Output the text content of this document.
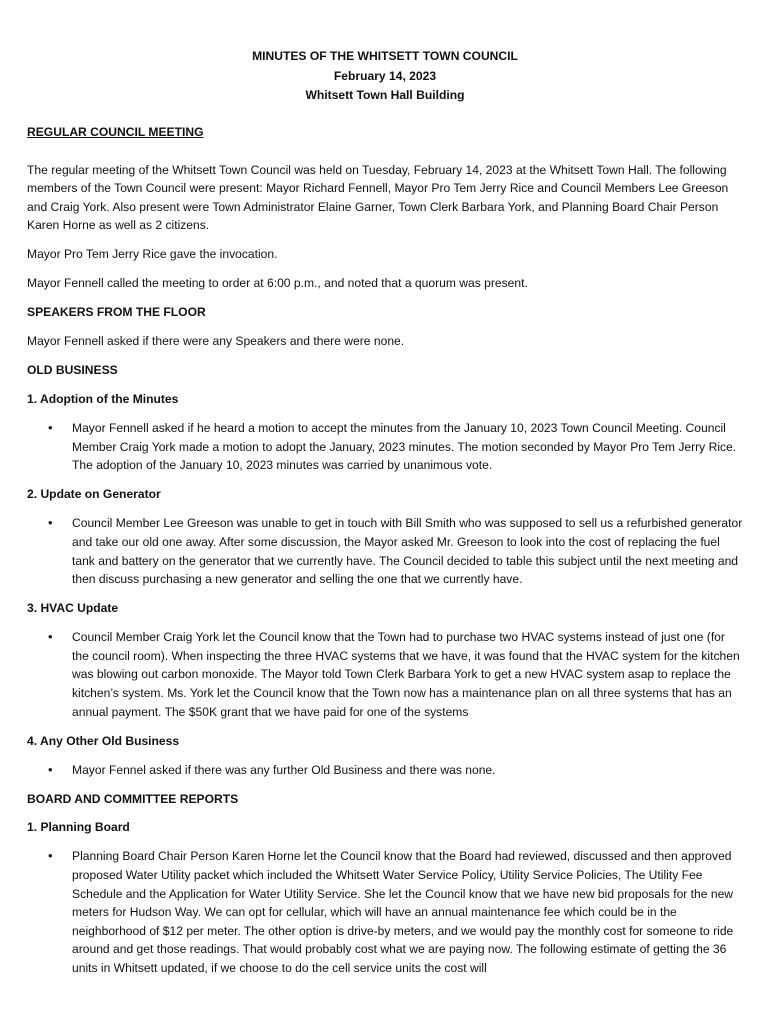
MINUTES OF THE WHITSETT TOWN COUNCIL
February 14, 2023
Whitsett Town Hall Building

REGULAR COUNCIL MEETING

The regular meeting of the Whitsett Town Council was held on Tuesday, February 14, 2023 at the Whitsett Town Hall. The following members of the Town Council were present: Mayor Richard Fennell, Mayor Pro Tem Jerry Rice and Council Members Lee Greeson and Craig York. Also present were Town Administrator Elaine Garner, Town Clerk Barbara York, and Planning Board Chair Person Karen Horne as well as 2 citizens.

Mayor Pro Tem Jerry Rice gave the invocation.

Mayor Fennell called the meeting to order at 6:00 p.m., and noted that a quorum was present.

SPEAKERS FROM THE FLOOR

Mayor Fennell asked if there were any Speakers and there were none.

OLD BUSINESS

1. Adoption of the Minutes

• Mayor Fennell asked if he heard a motion to accept the minutes from the January 10, 2023 Town Council Meeting. Council Member Craig York made a motion to adopt the January, 2023 minutes. The motion seconded by Mayor Pro Tem Jerry Rice. The adoption of the January 10, 2023 minutes was carried by unanimous vote.

2. Update on Generator

• Council Member Lee Greeson was unable to get in touch with Bill Smith who was supposed to sell us a refurbished generator and take our old one away. After some discussion, the Mayor asked Mr. Greeson to look into the cost of replacing the fuel tank and battery on the generator that we currently have. The Council decided to table this subject until the next meeting and then discuss purchasing a new generator and selling the one that we currently have.

3. HVAC Update

• Council Member Craig York let the Council know that the Town had to purchase two HVAC systems instead of just one (for the council room). When inspecting the three HVAC systems that we have, it was found that the HVAC system for the kitchen was blowing out carbon monoxide. The Mayor told Town Clerk Barbara York to get a new HVAC system asap to replace the kitchen’s system. Ms. York let the Council know that the Town now has a maintenance plan on all three systems that has an annual payment. The $50K grant that we have paid for one of the systems

4. Any Other Old Business

• Mayor Fennel asked if there was any further Old Business and there was none.

BOARD AND COMMITTEE REPORTS

1. Planning Board

• Planning Board Chair Person Karen Horne let the Council know that the Board had reviewed, discussed and then approved proposed Water Utility packet which included the Whitsett Water Service Policy, Utility Service Policies, The Utility Fee Schedule and the Application for Water Utility Service. She let the Council know that we have new bid proposals for the new meters for Hudson Way. We can opt for cellular, which will have an annual maintenance fee which could be in the neighborhood of $12 per meter. The other option is drive-by meters, and we would pay the monthly cost for someone to ride around and get those readings. That would probably cost what we are paying now. The following estimate of getting the 36 units in Whitsett updated, if we choose to do the cell service units the cost will
